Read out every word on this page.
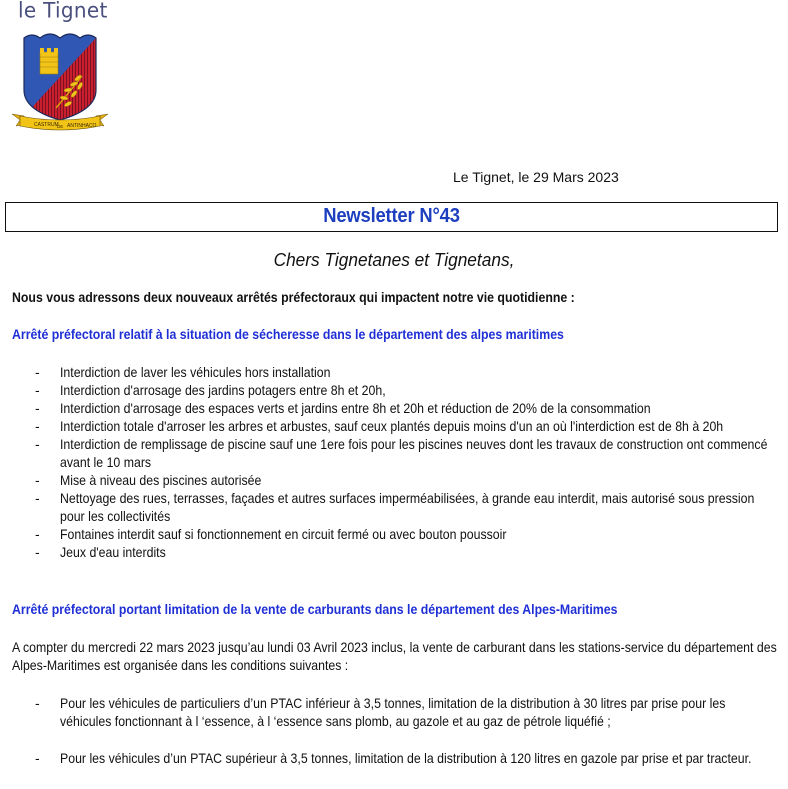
le Tignet
CASTRUM
DE ANTINHACO
Le Tignet, le 29 Mars 2023
Newsletter N°43
Chers Tignetanes et Tignetans,
Nous vous adressons deux nouveaux arrêtés préfectoraux qui impactent notre vie quotidienne :
Arrêté préfectoral relatif à la situation de sécheresse dans le département des alpes maritimes
- Interdiction de laver les véhicules hors installation
- Interdiction d'arrosage des jardins potagers entre 8h et 20h,
- Interdiction d'arrosage des espaces verts et jardins entre 8h et 20h et réduction de 20% de la consommation
- Interdiction totale d'arroser les arbres et arbustes, sauf ceux plantés depuis moins d'un an où l'interdiction est de 8h à 20h
- Interdiction de remplissage de piscine sauf une 1ere fois pour les piscines neuves dont les travaux de construction ont commencé avant le 10 mars
- Mise à niveau des piscines autorisée
- Nettoyage des rues, terrasses, façades et autres surfaces imperméabilisées, à grande eau interdit, mais autorisé sous pression pour les collectivités
- Fontaines interdit sauf si fonctionnement en circuit fermé ou avec bouton poussoir
- Jeux d'eau interdits
Arrêté préfectoral portant limitation de la vente de carburants dans le département des Alpes-Maritimes
A compter du mercredi 22 mars 2023 jusqu’au lundi 03 Avril 2023 inclus, la vente de carburant dans les stations-service du département des Alpes-Maritimes est organisée dans les conditions suivantes :
- Pour les véhicules de particuliers d’un PTAC inférieur à 3,5 tonnes, limitation de la distribution à 30 litres par prise pour les véhicules fonctionnant à l ‘essence, à l ‘essence sans plomb, au gazole et au gaz de pétrole liquéfié ;
- Pour les véhicules d’un PTAC supérieur à 3,5 tonnes, limitation de la distribution à 120 litres en gazole par prise et par tracteur.
